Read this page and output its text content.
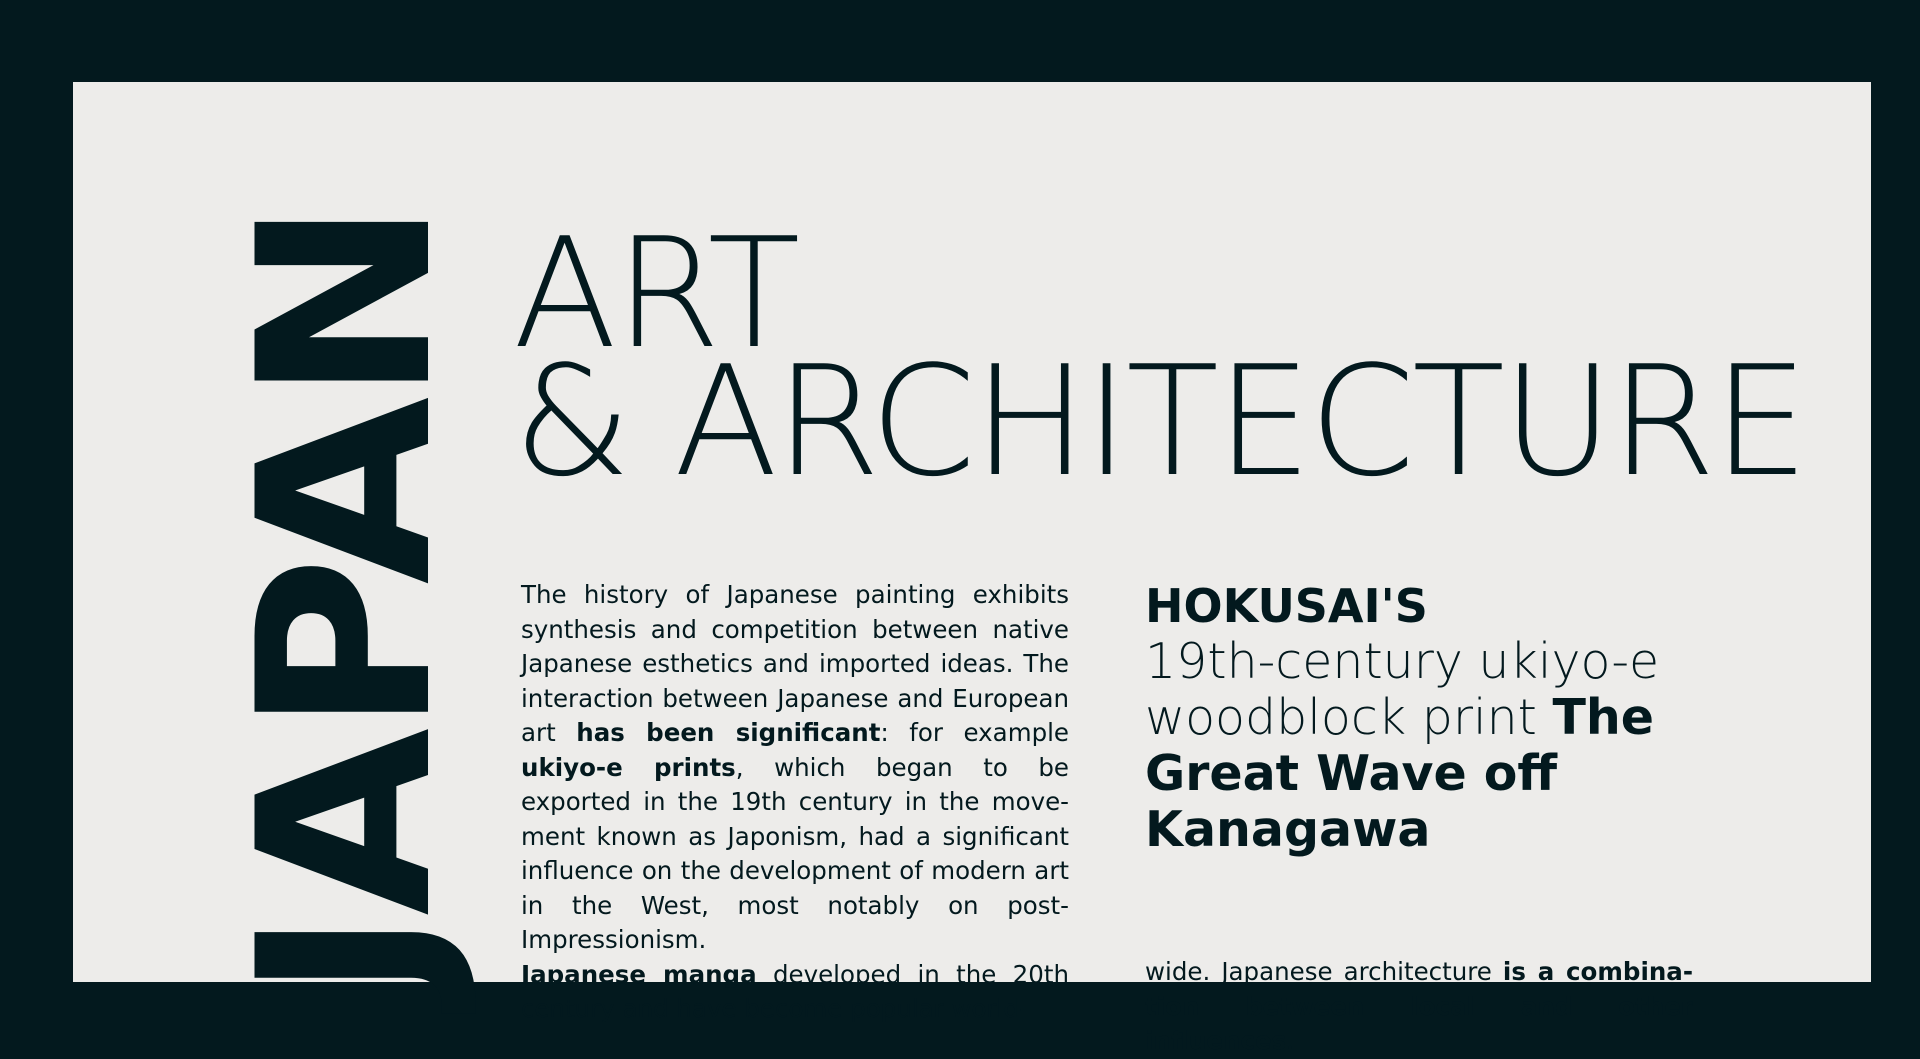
JAPAN ART
& ARCHITECTURE

The history of Japanese painting exhibits synthesis and competition between native Japanese esthetics and imported ideas. The interaction between Japanese and European art has been significant: for example ukiyo-e prints, which began to be exported in the 19th century in the movement known as Japonism, had a significant influence on the development of modern art in the West, most notably on post-Impressionism.

Japanese manga developed in the 20th century and have become popular world-

HOKUSAI'S
19th-century ukiyo-e woodblock print The Great Wave off Kanagawa
wide. Japanese architecture is a combina-tion between local and other influences.
